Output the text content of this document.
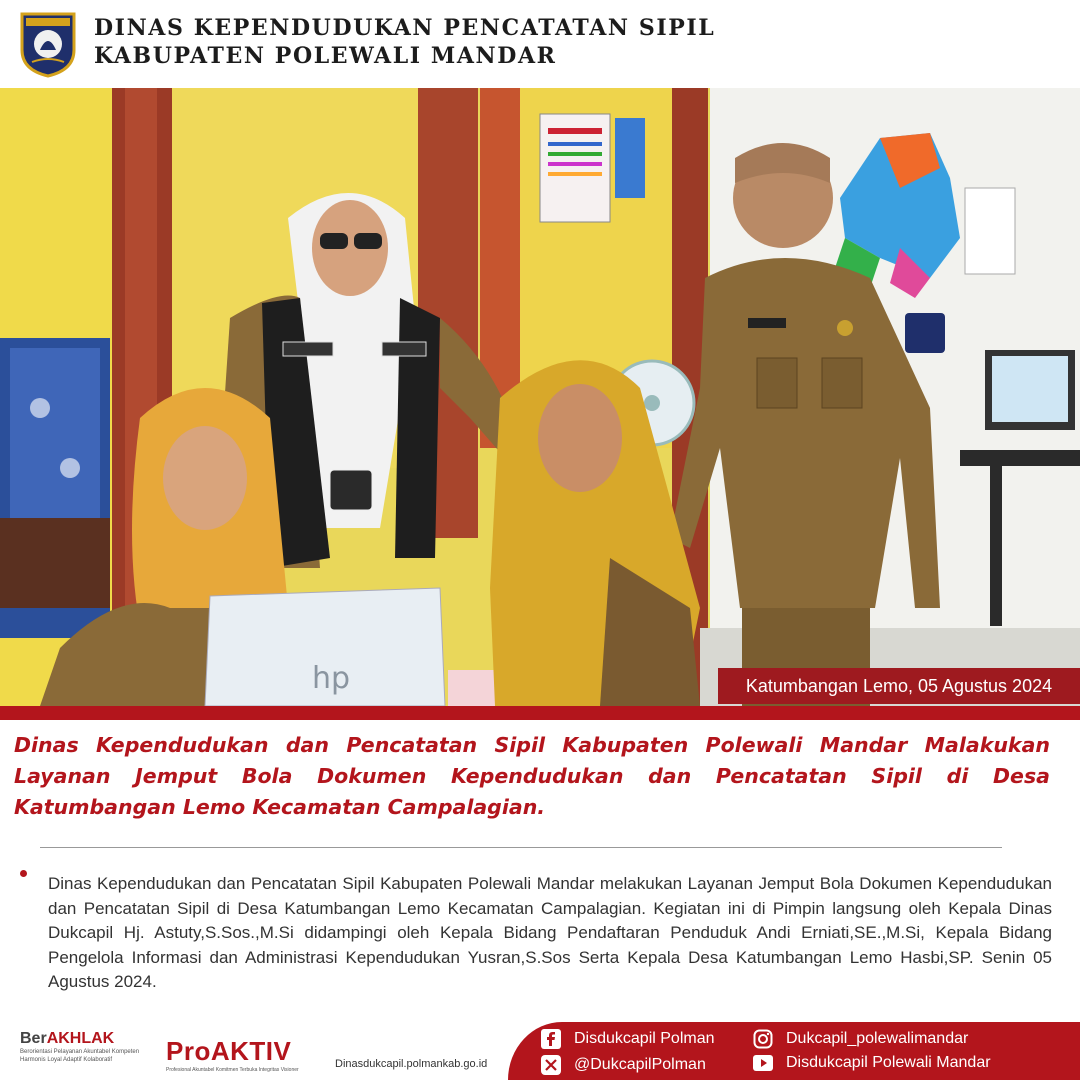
DINAS KEPENDUDUKAN PENCATATAN SIPIL
KABUPATEN POLEWALI MANDAR
hp	Katumbangan Lemo, 05 Agustus 2024
Dinas Kependudukan dan Pencatatan Sipil Kabupaten Polewali Mandar Malakukan Layanan Jemput Bola Dokumen Kependudukan dan Pencatatan Sipil di Desa Katumbangan Lemo Kecamatan Campalagian.
Dinas Kependudukan dan Pencatatan Sipil Kabupaten Polewali Mandar melakukan Layanan Jemput Bola Dokumen Kependudukan dan Pencatatan Sipil di Desa Katumbangan Lemo Kecamatan Campalagian. Kegiatan ini di Pimpin langsung oleh Kepala Dinas Dukcapil Hj. Astuty,S.Sos.,M.Si didampingi oleh Kepala Bidang Pendaftaran Penduduk Andi Erniati,SE.,M.Si, Kepala Bidang Pengelola Informasi dan Administrasi Kependudukan Yusran,S.Sos Serta Kepala Desa Katumbangan Lemo Hasbi,SP. Senin 05 Agustus 2024.
BerAKHLAK
Berorientasi Pelayanan Akuntabel Kompeten Harmonis Loyal Adaptif Kolaboratif	ProAKTIV
Profesional Akuntabel Komitmen Terbuka Integritas Visioner	Dinasdukcapil.polmankab.go.id
Disdukcapil Polman
@DukcapilPolman
Dukcapil_polewalimandar
Disdukcapil Polewali Mandar
